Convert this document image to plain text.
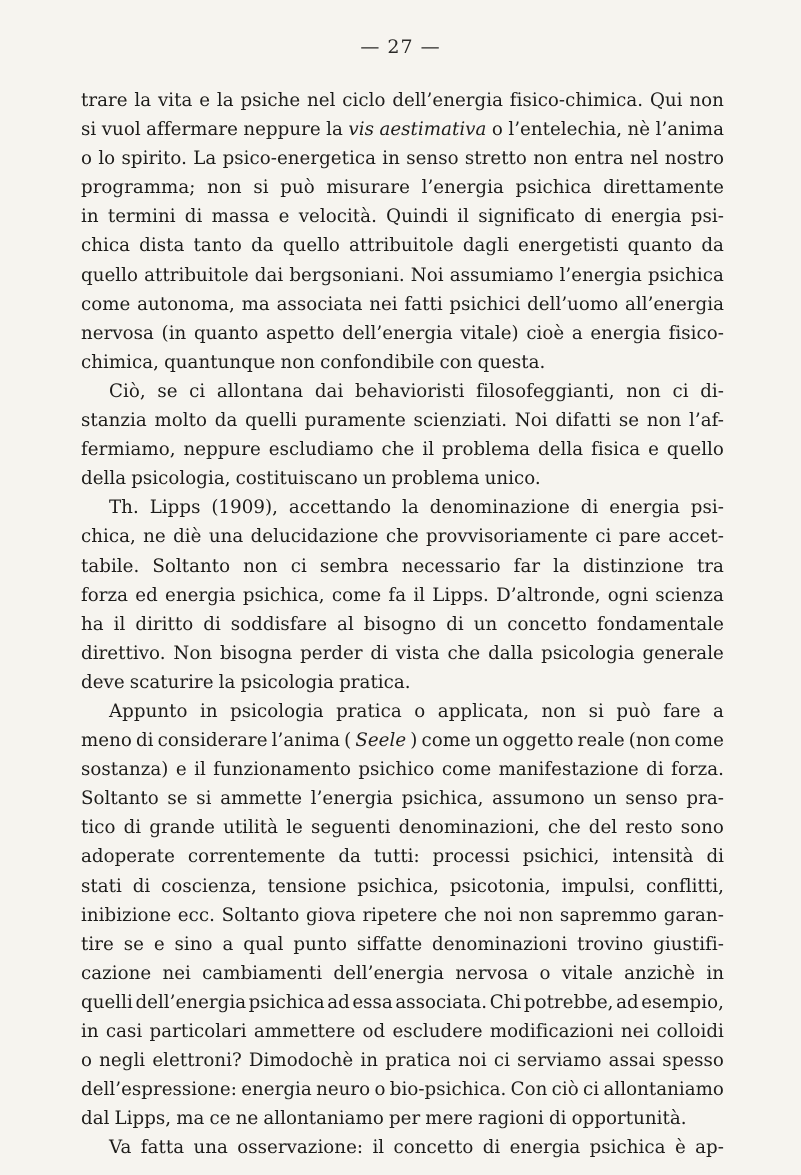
— 27 —
trare la vita e la psiche nel ciclo dell’energia fisico-chimica. Qui non
si vuol affermare neppure la vis aestimativa o l’entelechia, nè l’anima
o lo spirito. La psico-energetica in senso stretto non entra nel nostro
programma; non si può misurare l’energia psichica direttamente
in termini di massa e velocità. Quindi il significato di energia psi-
chica dista tanto da quello attribuitole dagli energetisti quanto da
quello attribuitole dai bergsoniani. Noi assumiamo l’energia psichica
come autonoma, ma associata nei fatti psichici dell’uomo all’energia
nervosa (in quanto aspetto dell’energia vitale) cioè a energia fisico-
chimica, quantunque non confondibile con questa.
Ciò, se ci allontana dai behavioristi filosofeggianti, non ci di-
stanzia molto da quelli puramente scienziati. Noi difatti se non l’af-
fermiamo, neppure escludiamo che il problema della fisica e quello
della psicologia, costituiscano un problema unico.
Th. Lipps (1909), accettando la denominazione di energia psi-
chica, ne diè una delucidazione che provvisoriamente ci pare accet-
tabile. Soltanto non ci sembra necessario far la distinzione tra
forza ed energia psichica, come fa il Lipps. D’altronde, ogni scienza
ha il diritto di soddisfare al bisogno di un concetto fondamentale
direttivo. Non bisogna perder di vista che dalla psicologia generale
deve scaturire la psicologia pratica.
Appunto in psicologia pratica o applicata, non si può fare a
meno di considerare l’anima ( Seele ) come un oggetto reale (non come
sostanza) e il funzionamento psichico come manifestazione di forza.
Soltanto se si ammette l’energia psichica, assumono un senso pra-
tico di grande utilità le seguenti denominazioni, che del resto sono
adoperate correntemente da tutti: processi psichici, intensità di
stati di coscienza, tensione psichica, psicotonia, impulsi, conflitti,
inibizione ecc. Soltanto giova ripetere che noi non sapremmo garan-
tire se e sino a qual punto siffatte denominazioni trovino giustifi-
cazione nei cambiamenti dell’energia nervosa o vitale anzichè in
quelli dell’energia psichica ad essa associata. Chi potrebbe, ad esempio,
in casi particolari ammettere od escludere modificazioni nei colloidi
o negli elettroni? Dimodochè in pratica noi ci serviamo assai spesso
dell’espressione: energia neuro o bio-psichica. Con ciò ci allontaniamo
dal Lipps, ma ce ne allontaniamo per mere ragioni di opportunità.
Va fatta una osservazione: il concetto di energia psichica è ap-
